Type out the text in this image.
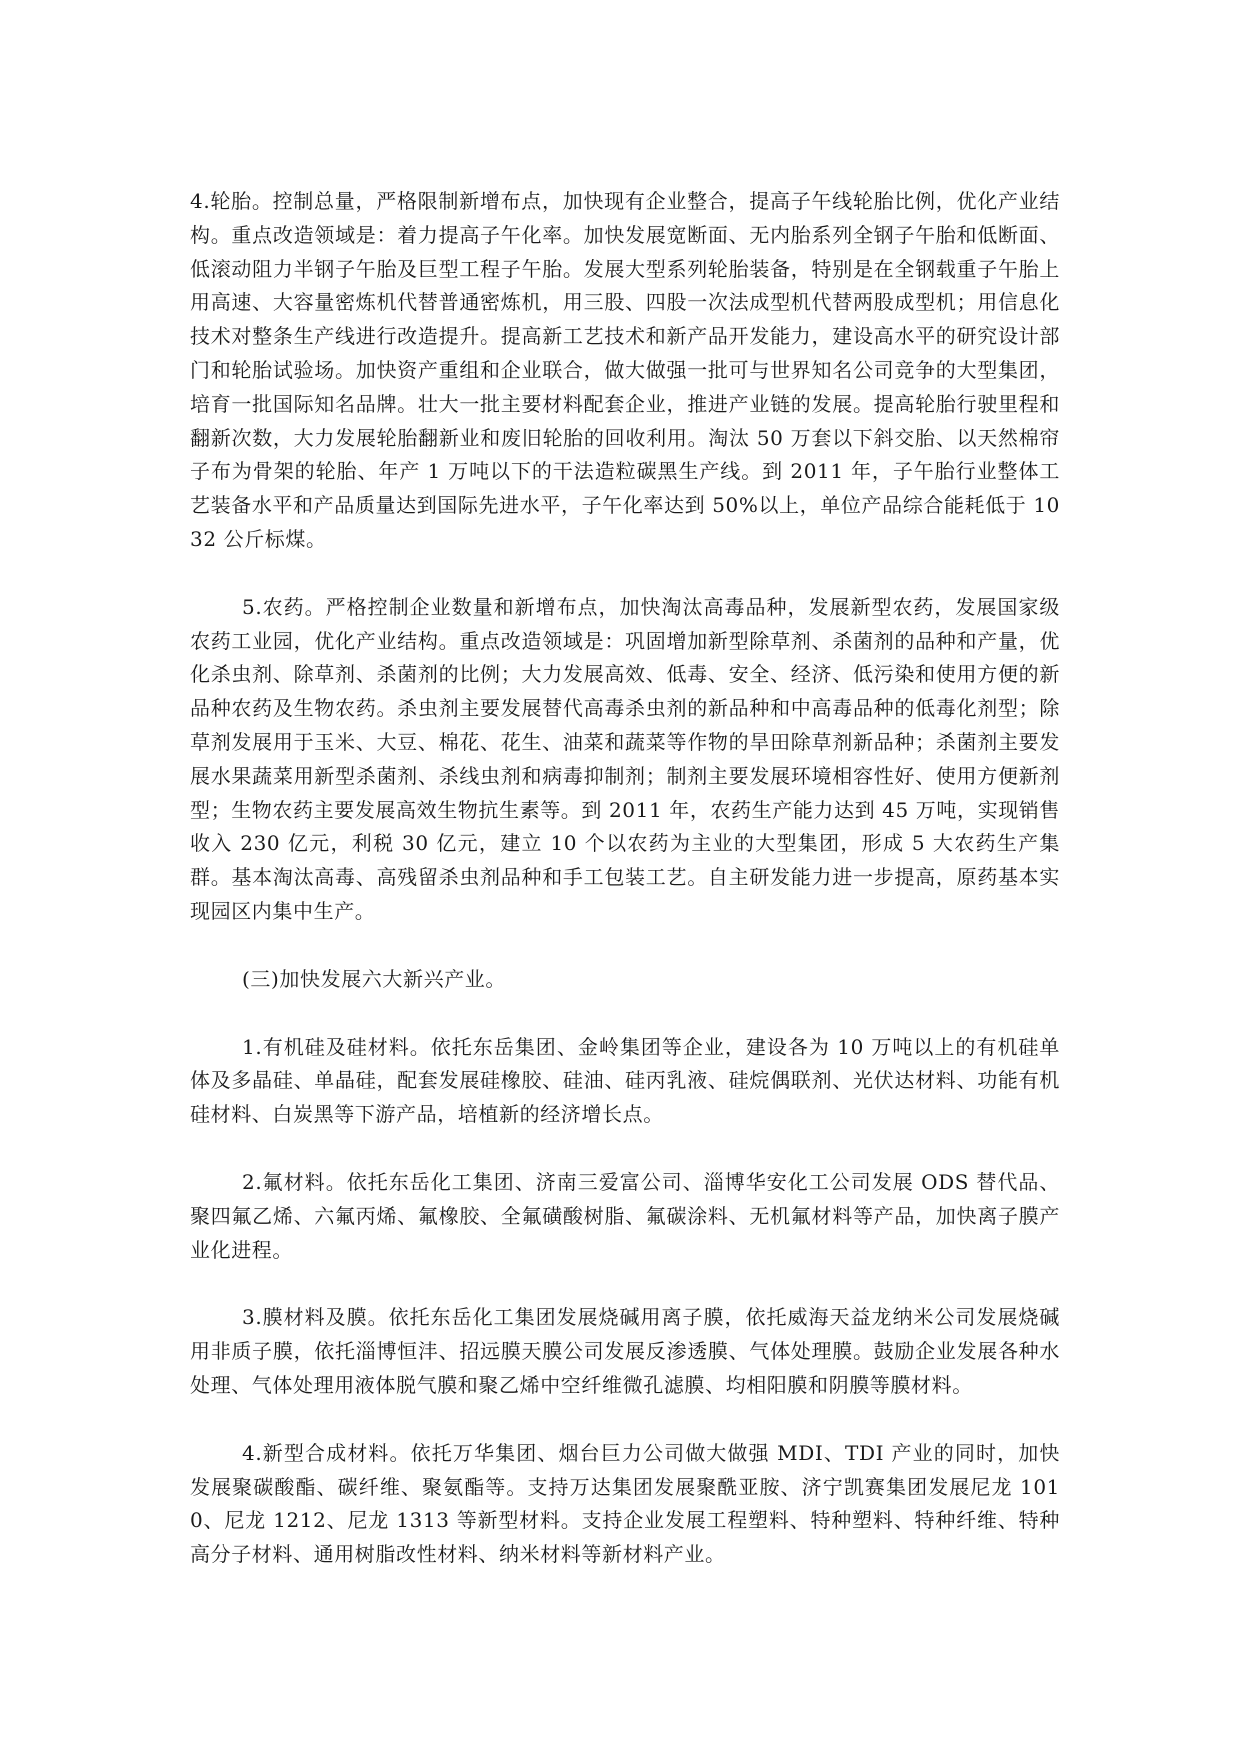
4.轮胎。控制总量，严格限制新增布点，加快现有企业整合，提高子午线轮胎比例，优化产业结构。重点改造领域是：着力提高子午化率。加快发展宽断面、无内胎系列全钢子午胎和低断面、低滚动阻力半钢子午胎及巨型工程子午胎。发展大型系列轮胎装备，特别是在全钢载重子午胎上用高速、大容量密炼机代替普通密炼机，用三股、四股一次法成型机代替两股成型机；用信息化技术对整条生产线进行改造提升。提高新工艺技术和新产品开发能力，建设高水平的研究设计部门和轮胎试验场。加快资产重组和企业联合，做大做强一批可与世界知名公司竞争的大型集团，培育一批国际知名品牌。壮大一批主要材料配套企业，推进产业链的发展。提高轮胎行驶里程和翻新次数，大力发展轮胎翻新业和废旧轮胎的回收利用。淘汰 50 万套以下斜交胎、以天然棉帘子布为骨架的轮胎、年产 1 万吨以下的干法造粒碳黑生产线。到 2011 年，子午胎行业整体工艺装备水平和产品质量达到国际先进水平，子午化率达到 50%以上，单位产品综合能耗低于 1032 公斤标煤。

5.农药。严格控制企业数量和新增布点，加快淘汰高毒品种，发展新型农药，发展国家级农药工业园，优化产业结构。重点改造领域是：巩固增加新型除草剂、杀菌剂的品种和产量，优化杀虫剂、除草剂、杀菌剂的比例；大力发展高效、低毒、安全、经济、低污染和使用方便的新品种农药及生物农药。杀虫剂主要发展替代高毒杀虫剂的新品种和中高毒品种的低毒化剂型；除草剂发展用于玉米、大豆、棉花、花生、油菜和蔬菜等作物的旱田除草剂新品种；杀菌剂主要发展水果蔬菜用新型杀菌剂、杀线虫剂和病毒抑制剂；制剂主要发展环境相容性好、使用方便新剂型；生物农药主要发展高效生物抗生素等。到 2011 年，农药生产能力达到 45 万吨，实现销售收入 230 亿元，利税 30 亿元，建立 10 个以农药为主业的大型集团，形成 5 大农药生产集群。基本淘汰高毒、高残留杀虫剂品种和手工包装工艺。自主研发能力进一步提高，原药基本实现园区内集中生产。

(三)加快发展六大新兴产业。

1.有机硅及硅材料。依托东岳集团、金岭集团等企业，建设各为 10 万吨以上的有机硅单体及多晶硅、单晶硅，配套发展硅橡胶、硅油、硅丙乳液、硅烷偶联剂、光伏达材料、功能有机硅材料、白炭黑等下游产品，培植新的经济增长点。

2.氟材料。依托东岳化工集团、济南三爱富公司、淄博华安化工公司发展 ODS 替代品、聚四氟乙烯、六氟丙烯、氟橡胶、全氟磺酸树脂、氟碳涂料、无机氟材料等产品，加快离子膜产业化进程。

3.膜材料及膜。依托东岳化工集团发展烧碱用离子膜，依托威海天益龙纳米公司发展烧碱用非质子膜，依托淄博恒沣、招远膜天膜公司发展反渗透膜、气体处理膜。鼓励企业发展各种水处理、气体处理用液体脱气膜和聚乙烯中空纤维微孔滤膜、均相阳膜和阴膜等膜材料。

4.新型合成材料。依托万华集团、烟台巨力公司做大做强 MDI、TDI 产业的同时，加快发展聚碳酸酯、碳纤维、聚氨酯等。支持万达集团发展聚酰亚胺、济宁凯赛集团发展尼龙 1010、尼龙 1212、尼龙 1313 等新型材料。支持企业发展工程塑料、特种塑料、特种纤维、特种高分子材料、通用树脂改性材料、纳米材料等新材料产业。
